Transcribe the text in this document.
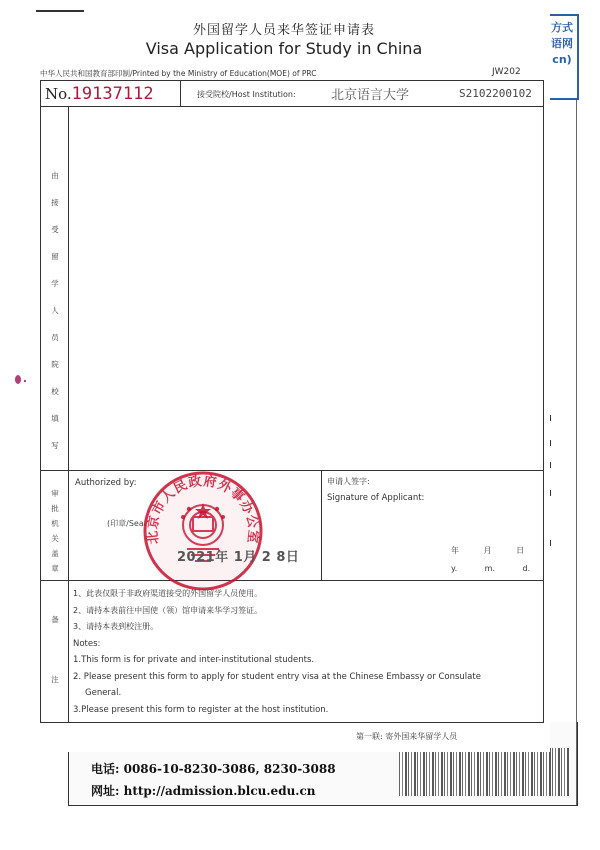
电话: 0086-10-8230-3086, 8230-3088
网址: http://admission.blcu.edu.cn
方式
语网
cn)
外国留学人员来华签证申请表
Visa Application for Study in China
中华人民共和国教育部印制/Printed by the Ministry of Education(MOE) of PRC	JW202
No.19137112	接受院校/Host Institution:	北京语言大学	S2102200102
由
接
受
留
学
人
员
院
校
填
写
审
批
机
关
盖
章
Authorized by:
(印章/Seal
北京市人民政府外事办公室
2021年 1月 2 8日
申请人签字:
Signature of Applicant:
年 月 日
y. m. d.
备
注
1、此表仅限于非政府渠道接受的外国留学人员使用。
2、请持本表前往中国使（领）馆申请来华学习签证。
3、请持本表到校注册。
Notes:
1.This form is for private and inter-institutional students.
2. Please present this form to apply for student entry visa at the Chinese Embassy or Consulate
General.
3.Please present this form to register at the host institution.
第一联: 寄外国来华留学人员
